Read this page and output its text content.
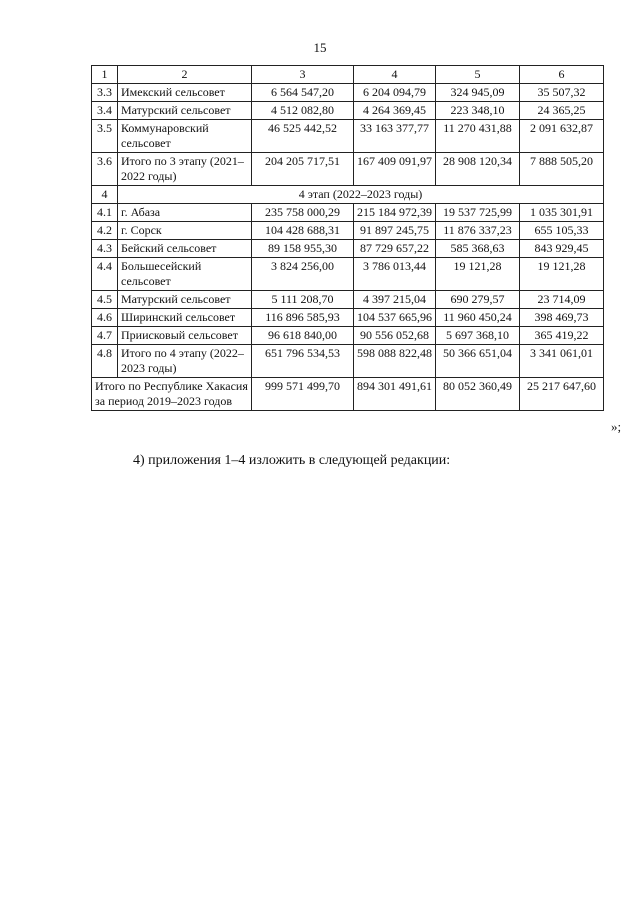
15
1	2	3	4	5	6
3.3	Имекский сельсовет	6 564 547,20	6 204 094,79	324 945,09	35 507,32
3.4	Матурский сельсовет	4 512 082,80	4 264 369,45	223 348,10	24 365,25
3.5	Коммунаровский сельсовет	46 525 442,52	33 163 377,77	11 270 431,88	2 091 632,87
3.6	Итого по 3 этапу (2021–2022 годы)	204 205 717,51	167 409 091,97	28 908 120,34	7 888 505,20
4	4 этап (2022–2023 годы)				
4.1	г. Абаза	235 758 000,29	215 184 972,39	19 537 725,99	1 035 301,91
4.2	г. Сорск	104 428 688,31	91 897 245,75	11 876 337,23	655 105,33
4.3	Бейский сельсовет	89 158 955,30	87 729 657,22	585 368,63	843 929,45
4.4	Большесейский сельсовет	3 824 256,00	3 786 013,44	19 121,28	19 121,28
4.5	Матурский сельсовет	5 111 208,70	4 397 215,04	690 279,57	23 714,09
4.6	Ширинский сельсовет	116 896 585,93	104 537 665,96	11 960 450,24	398 469,73
4.7	Приисковый сельсовет	96 618 840,00	90 556 052,68	5 697 368,10	365 419,22
4.8	Итого по 4 этапу (2022–2023 годы)	651 796 534,53	598 088 822,48	50 366 651,04	3 341 061,01
Итого по Республике Хакасия за период 2019–2023 годов		999 571 499,70	894 301 491,61	80 052 360,49	25 217 647,60
»;
4) приложения 1–4 изложить в следующей редакции:
